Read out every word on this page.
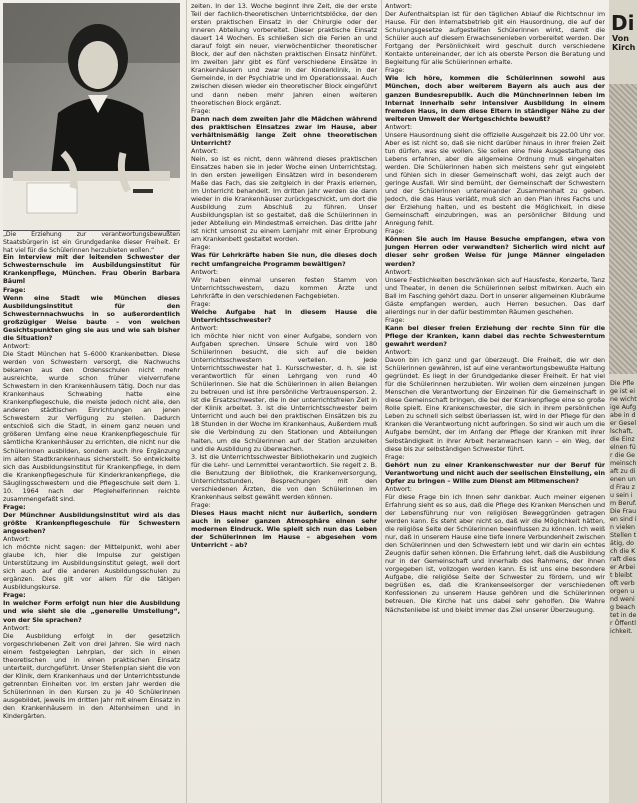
„Die Erziehung zur verantwortungsbewußten Staatsbürgerin ist ein Grundgedanke dieser Freiheit. Er hat viel für die Schülerinnen herzubieten wollen.“

Ein Interview mit der leitenden Schwester der Schwesternschule im Ausbildungsinstitut für Krankenpflege, München. Frau Oberin Barbara Bäuml

Frage:
Wenn eine Stadt wie München dieses Ausbildungsinstitut für den Schwesternnachwuchs in so außerordentlich großzügiger Weise baute – von welchen Gesichtspunkten ging sie aus und wie sah bisher die Situation?

Antwort:
Die Stadt München hat 5–6000 Krankenbetten. Diese werden von Schwestern versorgt, die Nachwuchs bekamen aus den Ordensschulen nicht mehr ausreichte, wurde schon früher vielverrufene Schwestern in den Krankenhäusern tätig. Doch nur das Krankenhaus Schwabing hatte eine Krankenpflegeschule, die meiste jedoch nicht alle, den anderen städtischen Einrichtungen an jenen Schwestern zur Verfügung zu stellen. Dadurch entschloß sich die Stadt, in einem ganz neuen und größeren Umfang eine neue Krankenpflegeschule für sämtliche Krankenhäuser zu errichten, die nicht nur die Schülerinnen ausbilden, sondern auch ihre Ergänzung im alten Stadtkrankenhaus sicherstellt. So entwickelte sich das Ausbildungsinstitut für Krankenpflege, in dem die Krankenpflegeschule für Kinderkrankenpflege, die Säuglingsschwestern und die Pflegeschule seit dem 1. 10. 1964 nach der Pfeglehelferinnen reichte zusammengefaßt sind.

Frage:
Der Münchner Ausbildungsinstitut wird als das größte Krankenpflegeschule für Schwestern angesehen?

Antwort:
Ich möchte nicht sagen: der Mittelpunkt, wohl aber glaube ich, hier die Impulse zur geistigen Unterstützung im Ausbildungsinstitut gelegt, weil dort sich auch auf die anderen Ausbildungsschulen zu ergänzen. Dies gilt vor allem für die tätigen Ausbildungskurse.

Frage:
In welcher Form erfolgt nun hier die Ausbildung und wie sieht sie die „generelle Umstellung“, von der Sie sprachen?

Antwort:
Die Ausbildung erfolgt in der gesetzlich vorgeschriebenen Zeit von drei Jahren. Sie wird nach einem festgelegten Lehrplan, der sich in einen theoretischen und in einen praktischen Einsatz unterteilt, durchgeführt. Unser Stellenplan sieht die von der Klinik, dem Krankenhaus und der Unterrichtsstunde getrennten Einheiten vor. Im ersten Jahr werden die Schülerinnen in den Kursen zu je 40 Schülerinnen ausgebildet, jeweils im dritten Jahr mit einem Einsatz in den Krankenhäusern in den Altenheimen und in Kindergärten.

zeiten. In der 13. Woche beginnt ihre Zeit, die der erste Teil der fachlich-theoretischen Unterrichtsblöcke, der den ersten praktischen Einsatz in der Chirurgie oder der Inneren Abteilung vorbereitet. Dieser praktische Einsatz dauert 14 Wochen. Es schließen sich die Ferien an und darauf folgt ein neuer, vierwöchentlicher theoretischer Block, der auf den nächsten praktischen Einsatz hinführt. Im zweiten Jahr gibt es fünf verschiedene Einsätze in Krankenhäusern und zwar in der Kinderklinik, in der Gemeinde, in der Psychiatrie und im Operationssaal. Auch zwischen diesen wieder ein theoretischer Block eingeführt und dann neben mehr Jahren einen weiteren theoretischen Block ergänzt.

Frage:
Dann nach dem zweiten Jahr die Mädchen während des praktischen Einsatzes zwar im Hause, aber verhältnismäßig lange Zeit ohne theoretischen Unterricht?

Antwort:
Nein, so ist es nicht, denn während dieses praktischen Einsatzes haben sie in jeder Woche einen Unterrichtstag. In den ersten jeweiligen Einsätzen wird in besonderem Maße das Fach, das sie zeitgleich in der Praxis erlernen, im Unterricht behandelt. Im dritten Jahr werden sie dann wieder in die Krankenhäuser zurückgeschickt, um dort die Ausbildung zum Abschluß zu führen. Unser Ausbildungsplan ist so gestaltet, daß die Schülerinnen in jeder Abteilung ein Mindestmaß erreichen. Das dritte Jahr ist nicht umsonst zu einem Lernjahr mit einer Erprobung am Krankenbett gestaltet worden.

Frage:
Was für Lehrkräfte haben Sie nun, die dieses doch recht umfangreiche Programm bewältigen?

Antwort:
Wir haben einmal unseren festen Stamm von Unterrichtsschwestern, dazu kommen Ärzte und Lehrkräfte in den verschiedenen Fachgebieten.

Frage:
Welche Aufgabe hat in diesem Hause die Unterrichtsschwester?

Antwort:
Ich möchte hier nicht von einer Aufgabe, sondern von Aufgaben sprechen. Unsere Schule wird von 180 Schülerinnen besucht, die sich auf die beiden Unterrichtsschwestern verteilen. Jede Unterrichtsschwester hat 1. Kursschwester, d. h. sie ist verantwortlich für einen Lehrgang von rund 40 Schülerinnen. Sie hat die Schülerinnen in allen Belangen zu betreuen und ist ihre persönliche Vertrauensperson. 2. ist die Ersatzschwester, die in der unterrichtsfreien Zeit in der Klinik arbeitet. 3. ist die Unterrichtsschwester beim Unterricht und auch bei den praktischen Einsätzen bis zu 18 Stunden in der Woche im Krankenhaus, Außerdem muß sie die Verbindung zu den Stationen und Abteilungen halten, um die Schülerinnen auf der Station anzuleiten und die Ausbildung zu überwachen.

3. Ist die Unterrichtsschwester Bibliothekarin und zugleich für die Lehr- und Lernmittel verantwortlich. Sie regelt z. B. die Benutzung der Bibliothek, die Krankenversorgung, Unterrichtsstunden, Besprechungen mit den verschiedenen Ärzten, die von den Schülerinnen im Krankenhaus selbst gewählt werden können.

Frage:
Dieses Haus macht nicht nur äußerlich, sondern auch in seiner ganzen Atmosphäre einen sehr modernen Eindruck. Wie spielt sich nun das Leben der Schülerinnen im Hause – abgesehen vom Unterricht – ab?

Antwort:
Der Aufenthaltsplan ist für den täglichen Ablauf die Richtschnur im Hause. Für den Internatsbetrieb gilt ein Hausordnung, die auf der Schulungsgesetze aufgestellten Schülerinnen wirkt, damit die Schüler auch auf diesem Erwachsenenleben vorbereitet werden. Der Fortgang der Persönlichkeit wird geschult durch verschiedene Kontakte untereinander, der ich als oberste Person die Beratung und Begleitung für alle Schülerinnen erhalte.

Frage:
Wie ich höre, kommen die Schülerinnen sowohl aus München, doch aber weiterem Bayern als auch aus der ganzen Bundesrepublik. Auch die Münchnerinnen leben im Internat innerhalb sehr intensiver Ausbildung in einem fremden Haus, in dem diese Eltern in ständiger Nähe zu der weiteren Umwelt der Wertgeschichte bewußt?

Antwort:
Unsere Hausordnung sieht die offizielle Ausgehzeit bis 22.00 Uhr vor. Aber es ist nicht so, daß sie nicht darüber hinaus in ihrer freien Zeit tun dürfen, was sie wollen. Sie sollen eine freie Ausgestaltung des Lebens erfahren, aber die allgemeine Ordnung muß eingehalten werden. Die Schülerinnen haben sich meistens sehr gut eingelebt und fühlen sich in dieser Gemeinschaft wohl, das zeigt auch der geringe Ausfall. Wir sind bemüht, der Gemeinschaft der Schwestern und der Schülerinnen untereinander Zusammenhalt zu geben. Jedoch, die das Haus verläßt, muß sich an den Plan ihres Fachs und der Erziehung halten, und es besteht die Möglichkeit, in diese Gemeinschaft einzubringen, was an persönlicher Bildung und Anregung fehlt.

Frage:
Können Sie auch im Hause Besuche empfangen, etwa von jungen Herren oder verwandten? Sicherlich wird nicht auf dieser sehr großen Weise für junge Männer eingeladen werden?

Antwort:
Unsere Festlichkeiten beschränken sich auf Hausfeste, Konzerte, Tanz und Theater, in denen die Schülerinnen selbst mitwirken. Auch ein Ball im Fasching gehört dazu. Dort in unserer allgemeinen Klubräume Gäste empfangen werden, auch Herren besuchen. Das darf allerdings nur in der dafür bestimmten Räumen geschehen.

Frage:
Kann bei dieser freien Erziehung der rechte Sinn für die Pflege der Kranken, kann dabei das rechte Schwesterntum gewahrt werden?

Antwort:
Davon bin ich ganz und gar überzeugt. Die Freiheit, die wir den Schülerinnen gewähren, ist auf eine verantwortungsbewußte Haltung gegründet. Es liegt in der Grundgedanke dieser Freiheit. Er hat viel für die Schülerinnen herzubieten. Wir wollen dem einzelnen jungen Menschen die Verantwortung der Einzelnen für die Gemeinschaft in diese Gemeinschaft bringen, die bei der Krankenpflege eine so große Rolle spielt. Eine Krankenschwester, die sich in ihrem persönlichen Leben zu schnell sich selbst überlassen ist, wird in der Pflege für den Kranken die Verantwortung nicht aufbringen. So sind wir auch um die Aufgabe bemüht, der im Anfang der Pflege der Kranken mit ihrer Selbständigkeit in ihrer Arbeit heranwachsen kann – ein Weg, der diese bis zur selbständigen Schwester führt.

Frage:
Gehört nun zu einer Krankenschwester nur der Beruf für Verantwortung und nicht auch der seelischen Einstellung, ein Opfer zu bringen – Wille zum Dienst am Mitmenschen?

Antwort:
Für diese Frage bin ich Ihnen sehr dankbar. Auch meiner eigenen Erfahrung sieht es so aus, daß die Pflege des Kranken Menschen und der Lebensführung nur von religiösen Beweggründen getragen werden kann. Es steht aber nicht so, daß wir die Möglichkeit hätten, die religiöse Seite der Schülerinnen beeinflussen zu können. Ich weiß nur, daß in unserem Hause eine tiefe innere Verbundenheit zwischen den Schülerinnen und den Schwestern lebt und wir darin ein echtes Zeugnis dafür sehen können. Die Erfahrung lehrt, daß die Ausbildung nur in der Gemeinschaft und innerhalb des Rahmens, der ihnen vorgegeben ist, vollzogen werden kann. Es ist uns eine besondere Aufgabe, die religiöse Seite der Schwester zu fördern, und wir begrüßen es, daß die Krankenseelsorger der verschiedenen Konfessionen zu unserem Hause gehören und die Schülerinnen betreuen. Die Kirche hat uns dabei sehr geholfen. Die Wahre Nächstenliebe ist und bleibt immer das Ziel unserer Überzeugung.

Di
Von
Kirch
Die Pflege ist eine wichtige Aufgabe in der Gesellschaft, die Einzelnen für die Gemeinschaft zu dienen und Frau zu sein im Beruf. Die Frauen sind in vielen Stellen tätig, doch die Kraft dieser Arbeit bleibt oft verborgen und wenig beachtet in der Öffentlichkeit.
